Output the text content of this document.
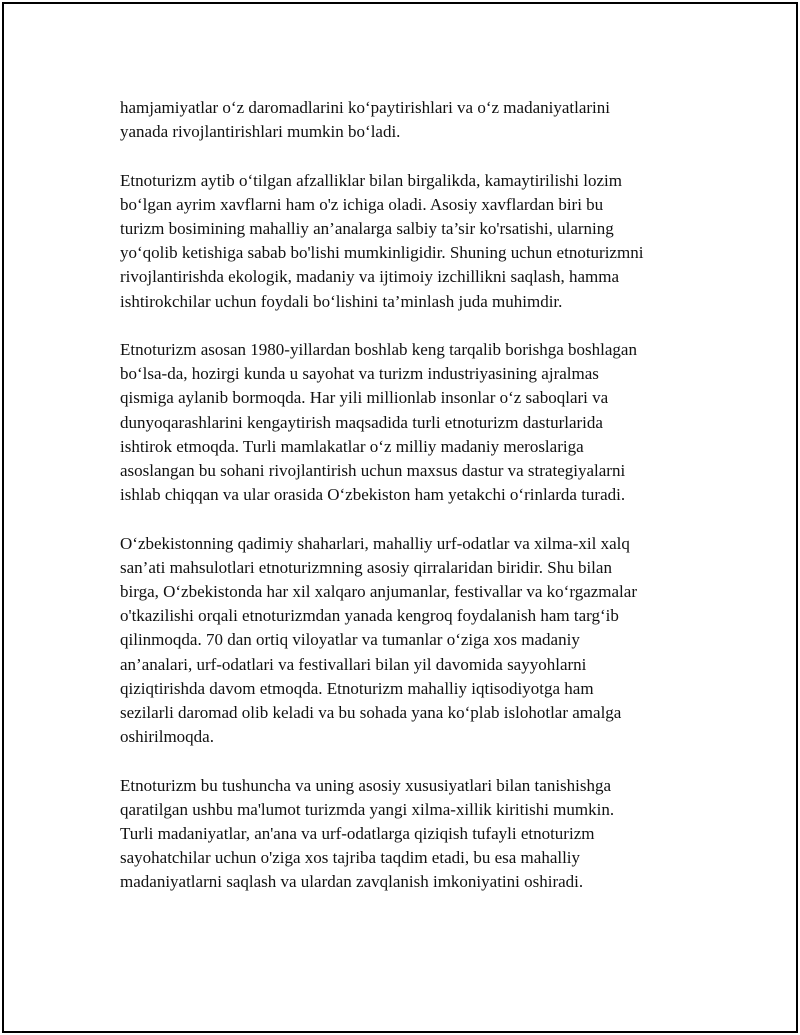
hamjamiyatlar o‘z daromadlarini ko‘paytirishlari va o‘z madaniyatlarini
yanada rivojlantirishlari mumkin bo‘ladi.

Etnoturizm aytib o‘tilgan afzalliklar bilan birgalikda, kamaytirilishi lozim
bo‘lgan ayrim xavflarni ham o'z ichiga oladi. Asosiy xavflardan biri bu
turizm bosimining mahalliy an’analarga salbiy ta’sir ko'rsatishi, ularning
yo‘qolib ketishiga sabab bo'lishi mumkinligidir. Shuning uchun etnoturizmni
rivojlantirishda ekologik, madaniy va ijtimoiy izchillikni saqlash, hamma
ishtirokchilar uchun foydali bo‘lishini ta’minlash juda muhimdir.

Etnoturizm asosan 1980-yillardan boshlab keng tarqalib borishga boshlagan
bo‘lsa-da, hozirgi kunda u sayohat va turizm industriyasining ajralmas
qismiga aylanib bormoqda. Har yili millionlab insonlar o‘z saboqlari va
dunyoqarashlarini kengaytirish maqsadida turli etnoturizm dasturlarida
ishtirok etmoqda. Turli mamlakatlar o‘z milliy madaniy meroslariga
asoslangan bu sohani rivojlantirish uchun maxsus dastur va strategiyalarni
ishlab chiqqan va ular orasida O‘zbekiston ham yetakchi o‘rinlarda turadi.

O‘zbekistonning qadimiy shaharlari, mahalliy urf-odatlar va xilma-xil xalq
san’ati mahsulotlari etnoturizmning asosiy qirralaridan biridir. Shu bilan
birga, O‘zbekistonda har xil xalqaro anjumanlar, festivallar va ko‘rgazmalar
o'tkazilishi orqali etnoturizmdan yanada kengroq foydalanish ham targ‘ib
qilinmoqda. 70 dan ortiq viloyatlar va tumanlar o‘ziga xos madaniy
an’analari, urf-odatlari va festivallari bilan yil davomida sayyohlarni
qiziqtirishda davom etmoqda. Etnoturizm mahalliy iqtisodiyotga ham
sezilarli daromad olib keladi va bu sohada yana ko‘plab islohotlar amalga
oshirilmoqda.

Etnoturizm bu tushuncha va uning asosiy xususiyatlari bilan tanishishga
qaratilgan ushbu ma'lumot turizmda yangi xilma-xillik kiritishi mumkin.
Turli madaniyatlar, an'ana va urf-odatlarga qiziqish tufayli etnoturizm
sayohatchilar uchun o'ziga xos tajriba taqdim etadi, bu esa mahalliy
madaniyatlarni saqlash va ulardan zavqlanish imkoniyatini oshiradi.
